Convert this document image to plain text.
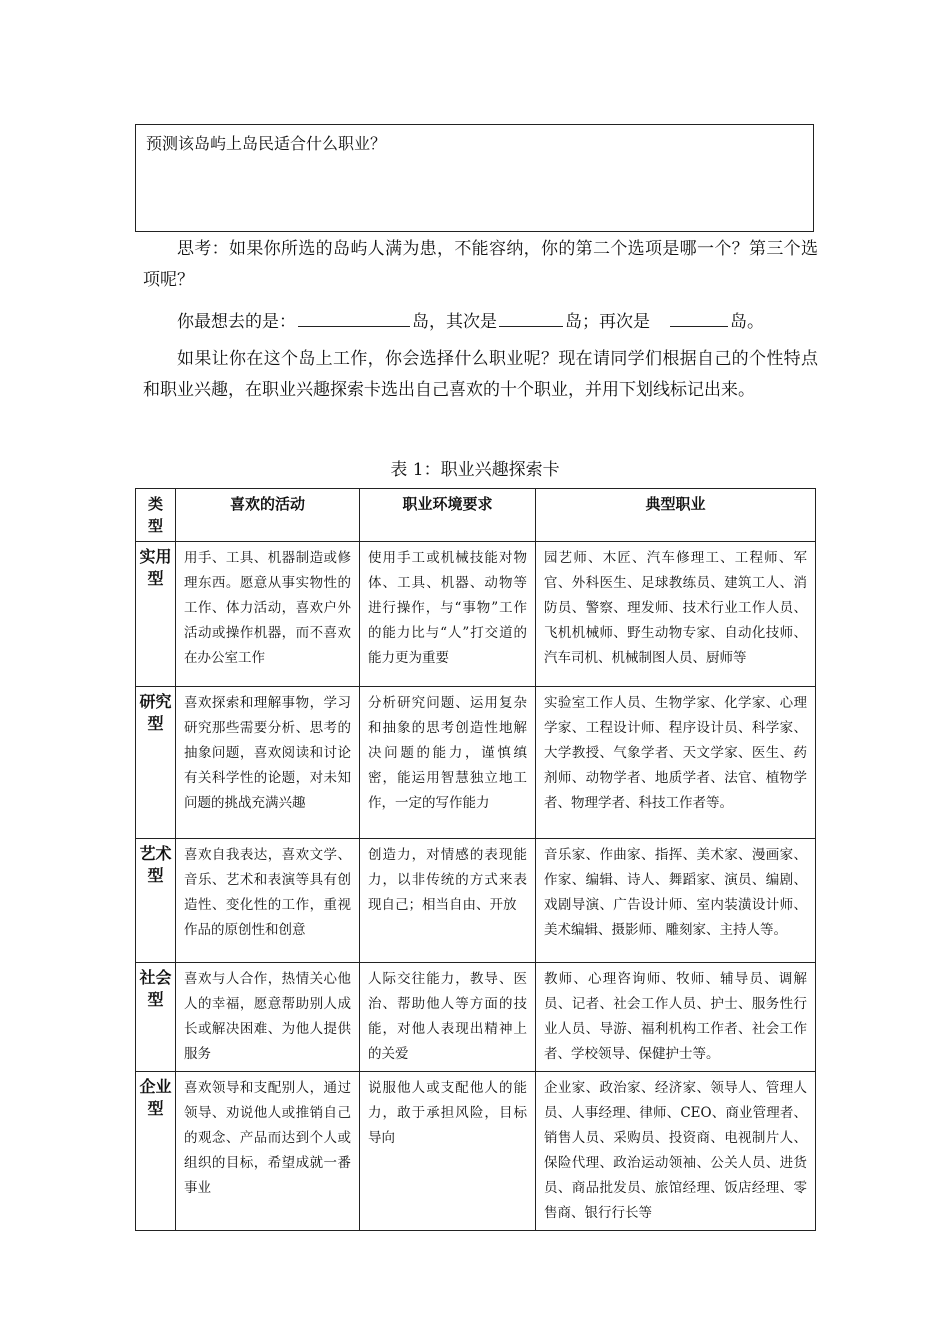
预测该岛屿上岛民适合什么职业？

思考：如果你所选的岛屿人满为患，不能容纳，你的第二个选项是哪一个？第三个选项呢？

你最想去的是：	岛，其次是	岛；再次是	岛。

如果让你在这个岛上工作，你会选择什么职业呢？现在请同学们根据自己的个性特点和职业兴趣，在职业兴趣探索卡选出自己喜欢的十个职业，并用下划线标记出来。

表 1：职业兴趣探索卡
类型	喜欢的活动	职业环境要求	典型职业
实用型	用手、工具、机器制造或修理东西。愿意从事实物性的工作、体力活动，喜欢户外活动或操作机器，而不喜欢在办公室工作	使用手工或机械技能对物体、工具、机器、动物等进行操作，与“事物”工作的能力比与“人”打交道的能力更为重要	园艺师、木匠、汽车修理工、工程师、军官、外科医生、足球教练员、建筑工人、消防员、警察、理发师、技术行业工作人员、飞机机械师、野生动物专家、自动化技师、汽车司机、机械制图人员、厨师等
研究型	喜欢探索和理解事物，学习研究那些需要分析、思考的抽象问题，喜欢阅读和讨论有关科学性的论题，对未知问题的挑战充满兴趣	分析研究问题、运用复杂和抽象的思考创造性地解决问题的能力，谨慎缜密，能运用智慧独立地工作，一定的写作能力	实验室工作人员、生物学家、化学家、心理学家、工程设计师、程序设计员、科学家、大学教授、气象学者、天文学家、医生、药剂师、动物学者、地质学者、法官、植物学者、物理学者、科技工作者等。
艺术型	喜欢自我表达，喜欢文学、音乐、艺术和表演等具有创造性、变化性的工作，重视作品的原创性和创意	创造力，对情感的表现能力，以非传统的方式来表现自己；相当自由、开放	音乐家、作曲家、指挥、美术家、漫画家、作家、编辑、诗人、舞蹈家、演员、编剧、戏剧导演、广告设计师、室内装潢设计师、美术编辑、摄影师、雕刻家、主持人等。
社会型	喜欢与人合作，热情关心他人的幸福，愿意帮助别人成长或解决困难、为他人提供服务	人际交往能力，教导、医治、帮助他人等方面的技能，对他人表现出精神上的关爱	教师、心理咨询师、牧师、辅导员、调解员、记者、社会工作人员、护士、服务性行业人员、导游、福利机构工作者、社会工作者、学校领导、保健护士等。
企业型	喜欢领导和支配别人，通过领导、劝说他人或推销自己的观念、产品而达到个人或组织的目标，希望成就一番事业	说服他人或支配他人的能力，敢于承担风险，目标导向	企业家、政治家、经济家、领导人、管理人员、人事经理、律师、CEO、商业管理者、销售人员、采购员、投资商、电视制片人、保险代理、政治运动领袖、公关人员、进货员、商品批发员、旅馆经理、饭店经理、零售商、银行行长等
